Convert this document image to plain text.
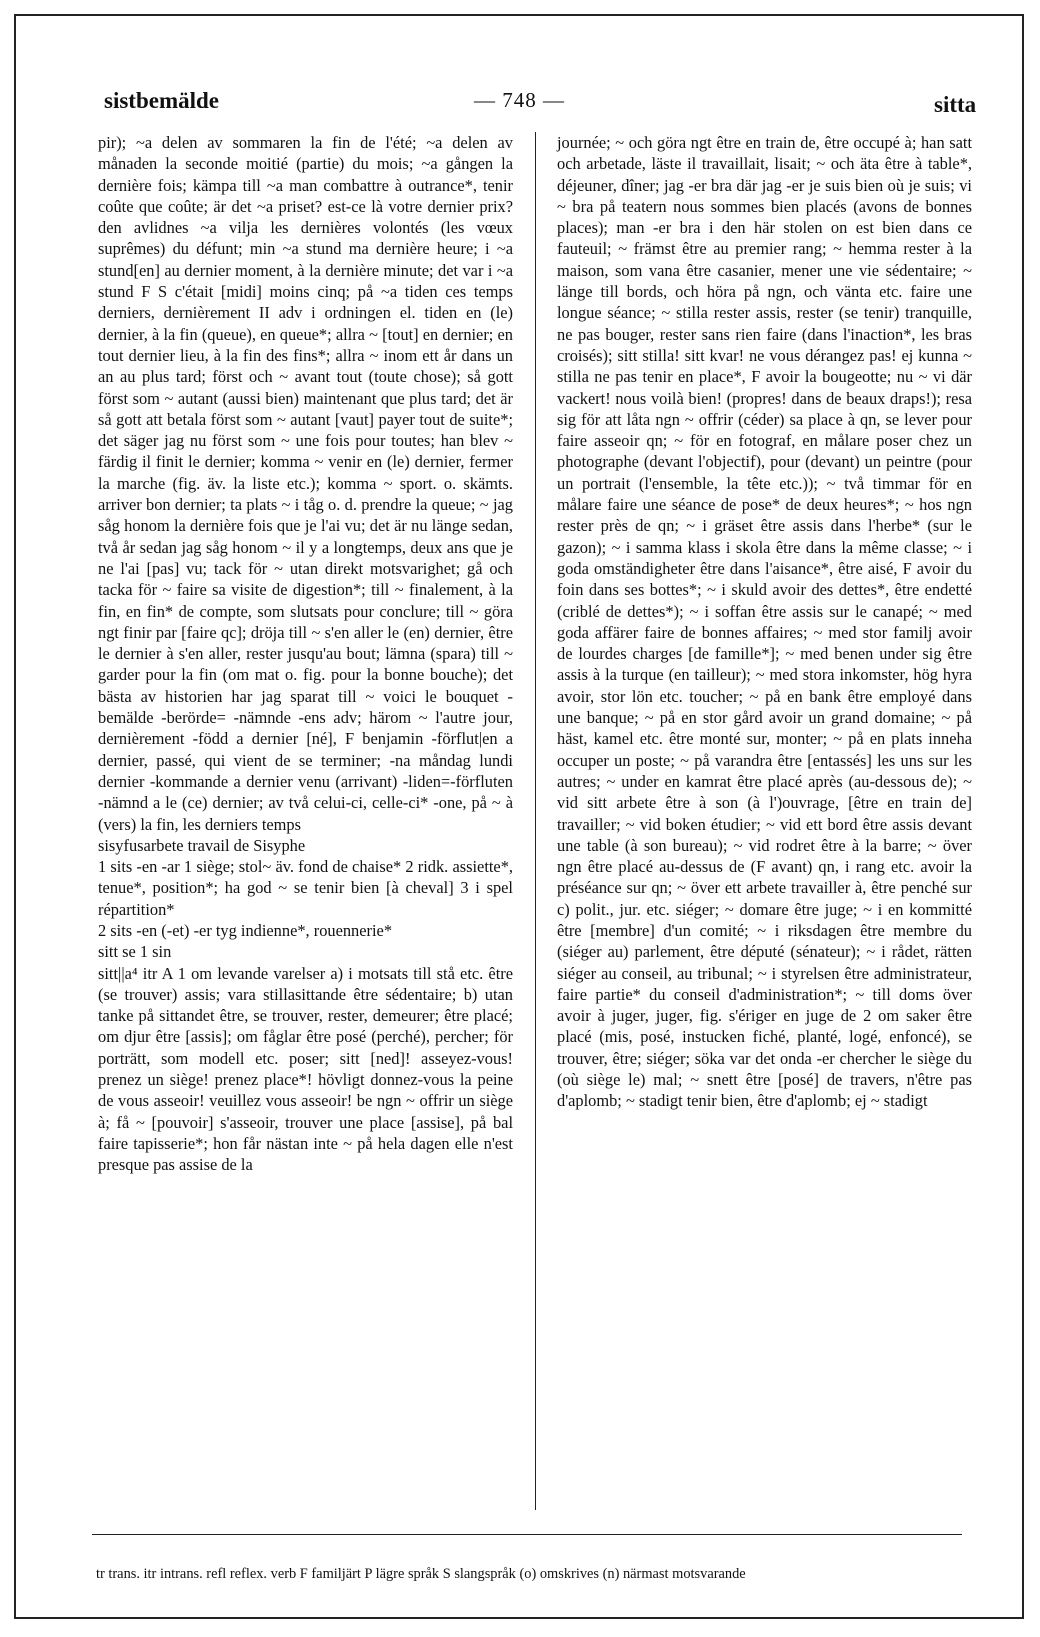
sistbemälde	— 748 —	sitta

pir); ~a delen av sommaren la fin de l'été; ~a delen av månaden la seconde moitié (partie) du mois; ~a gången la dernière fois; kämpa till ~a man combattre à outrance*, tenir coûte que coûte; är det ~a priset? est-ce là votre dernier prix? den avlidnes ~a vilja les dernières volontés (les vœux suprêmes) du défunt; min ~a stund ma dernière heure; i ~a stund[en] au dernier moment, à la dernière minute; det var i ~a stund F S c'était [midi] moins cinq; på ~a tiden ces temps derniers, dernièrement II adv i ordningen el. tiden en (le) dernier, à la fin (queue), en queue*; allra ~ [tout] en dernier; en tout dernier lieu, à la fin des fins*; allra ~ inom ett år dans un an au plus tard; först och ~ avant tout (toute chose); så gott först som ~ autant (aussi bien) maintenant que plus tard; det är så gott att betala först som ~ autant [vaut] payer tout de suite*; det säger jag nu först som ~ une fois pour toutes; han blev ~ färdig il finit le dernier; komma ~ venir en (le) dernier, fermer la marche (fig. äv. la liste etc.); komma ~ sport. o. skämts. arriver bon dernier; ta plats ~ i tåg o. d. prendre la queue; ~ jag såg honom la dernière fois que je l'ai vu; det är nu länge sedan, två år sedan jag såg honom ~ il y a longtemps, deux ans que je ne l'ai [pas] vu; tack för ~ utan direkt motsvarighet; gå och tacka för ~ faire sa visite de digestion*; till ~ finalement, à la fin, en fin* de compte, som slutsats pour conclure; till ~ göra ngt finir par [faire qc]; dröja till ~ s'en aller le (en) dernier, être le dernier à s'en aller, rester jusqu'au bout; lämna (spara) till ~ garder pour la fin (om mat o. fig. pour la bonne bouche); det bästa av historien har jag sparat till ~ voici le bouquet -bemälde -berörde= -nämnde -ens adv; härom ~ l'autre jour, dernièrement -född a dernier [né], F benjamin -förflut|en a dernier, passé, qui vient de se terminer; -na måndag lundi dernier -kommande a dernier venu (arrivant) -liden=-förfluten -nämnd a le (ce) dernier; av två celui-ci, celle-ci* -one, på ~ à (vers) la fin, les derniers temps

sisyfusarbete travail de Sisyphe

1 sits -en -ar 1 siège; stol~ äv. fond de chaise* 2 ridk. assiette*, tenue*, position*; ha god ~ se tenir bien [à cheval] 3 i spel répartition*

2 sits -en (-et) -er tyg indienne*, rouennerie*

sitt se 1 sin

sitt||a⁴ itr A 1 om levande varelser a) i motsats till stå etc. être (se trouver) assis; vara stillasittande être sédentaire; b) utan tanke på sittandet être, se trouver, rester, demeurer; être placé; om djur être [assis]; om fåglar être posé (perché), percher; för porträtt, som modell etc. poser; sitt [ned]! asseyez-vous! prenez un siège! prenez place*! hövligt donnez-vous la peine de vous asseoir! veuillez vous asseoir! be ngn ~ offrir un siège à; få ~ [pouvoir] s'asseoir, trouver une place [assise], på bal faire tapisserie*; hon får nästan inte ~ på hela dagen elle n'est presque pas assise de la

journée; ~ och göra ngt être en train de, être occupé à; han satt och arbetade, läste il travaillait, lisait; ~ och äta être à table*, déjeuner, dîner; jag -er bra där jag -er je suis bien où je suis; vi ~ bra på teatern nous sommes bien placés (avons de bonnes places); man -er bra i den här stolen on est bien dans ce fauteuil; ~ främst être au premier rang; ~ hemma rester à la maison, som vana être casanier, mener une vie sédentaire; ~ länge till bords, och höra på ngn, och vänta etc. faire une longue séance; ~ stilla rester assis, rester (se tenir) tranquille, ne pas bouger, rester sans rien faire (dans l'inaction*, les bras croisés); sitt stilla! sitt kvar! ne vous dérangez pas! ej kunna ~ stilla ne pas tenir en place*, F avoir la bougeotte; nu ~ vi där vackert! nous voilà bien! (propres! dans de beaux draps!); resa sig för att låta ngn ~ offrir (céder) sa place à qn, se lever pour faire asseoir qn; ~ för en fotograf, en målare poser chez un photographe (devant l'objectif), pour (devant) un peintre (pour un portrait (l'ensemble, la tête etc.)); ~ två timmar för en målare faire une séance de pose* de deux heures*; ~ hos ngn rester près de qn; ~ i gräset être assis dans l'herbe* (sur le gazon); ~ i samma klass i skola être dans la même classe; ~ i goda omständigheter être dans l'aisance*, être aisé, F avoir du foin dans ses bottes*; ~ i skuld avoir des dettes*, être endetté (criblé de dettes*); ~ i soffan être assis sur le canapé; ~ med goda affärer faire de bonnes affaires; ~ med stor familj avoir de lourdes charges [de famille*]; ~ med benen under sig être assis à la turque (en tailleur); ~ med stora inkomster, hög hyra avoir, stor lön etc. toucher; ~ på en bank être employé dans une banque; ~ på en stor gård avoir un grand domaine; ~ på häst, kamel etc. être monté sur, monter; ~ på en plats inneha occuper un poste; ~ på varandra être [entassés] les uns sur les autres; ~ under en kamrat être placé après (au-dessous de); ~ vid sitt arbete être à son (à l')ouvrage, [être en train de] travailler; ~ vid boken étudier; ~ vid ett bord être assis devant une table (à son bureau); ~ vid rodret être à la barre; ~ över ngn être placé au-dessus de (F avant) qn, i rang etc. avoir la préséance sur qn; ~ över ett arbete travailler à, être penché sur c) polit., jur. etc. siéger; ~ domare être juge; ~ i en kommitté être [membre] d'un comité; ~ i riksdagen être membre du (siéger au) parlement, être député (sénateur); ~ i rådet, rätten siéger au conseil, au tribunal; ~ i styrelsen être administrateur, faire partie* du conseil d'administration*; ~ till doms över avoir à juger, juger, fig. s'ériger en juge de 2 om saker être placé (mis, posé, instucken fiché, planté, logé, enfoncé), se trouver, être; siéger; söka var det onda -er chercher le siège du (où siège le) mal; ~ snett être [posé] de travers, n'être pas d'aplomb; ~ stadigt tenir bien, être d'aplomb; ej ~ stadigt

tr trans. itr intrans. refl reflex. verb F familjärt P lägre språk S slangspråk (o) omskrives (n) närmast motsvarande
